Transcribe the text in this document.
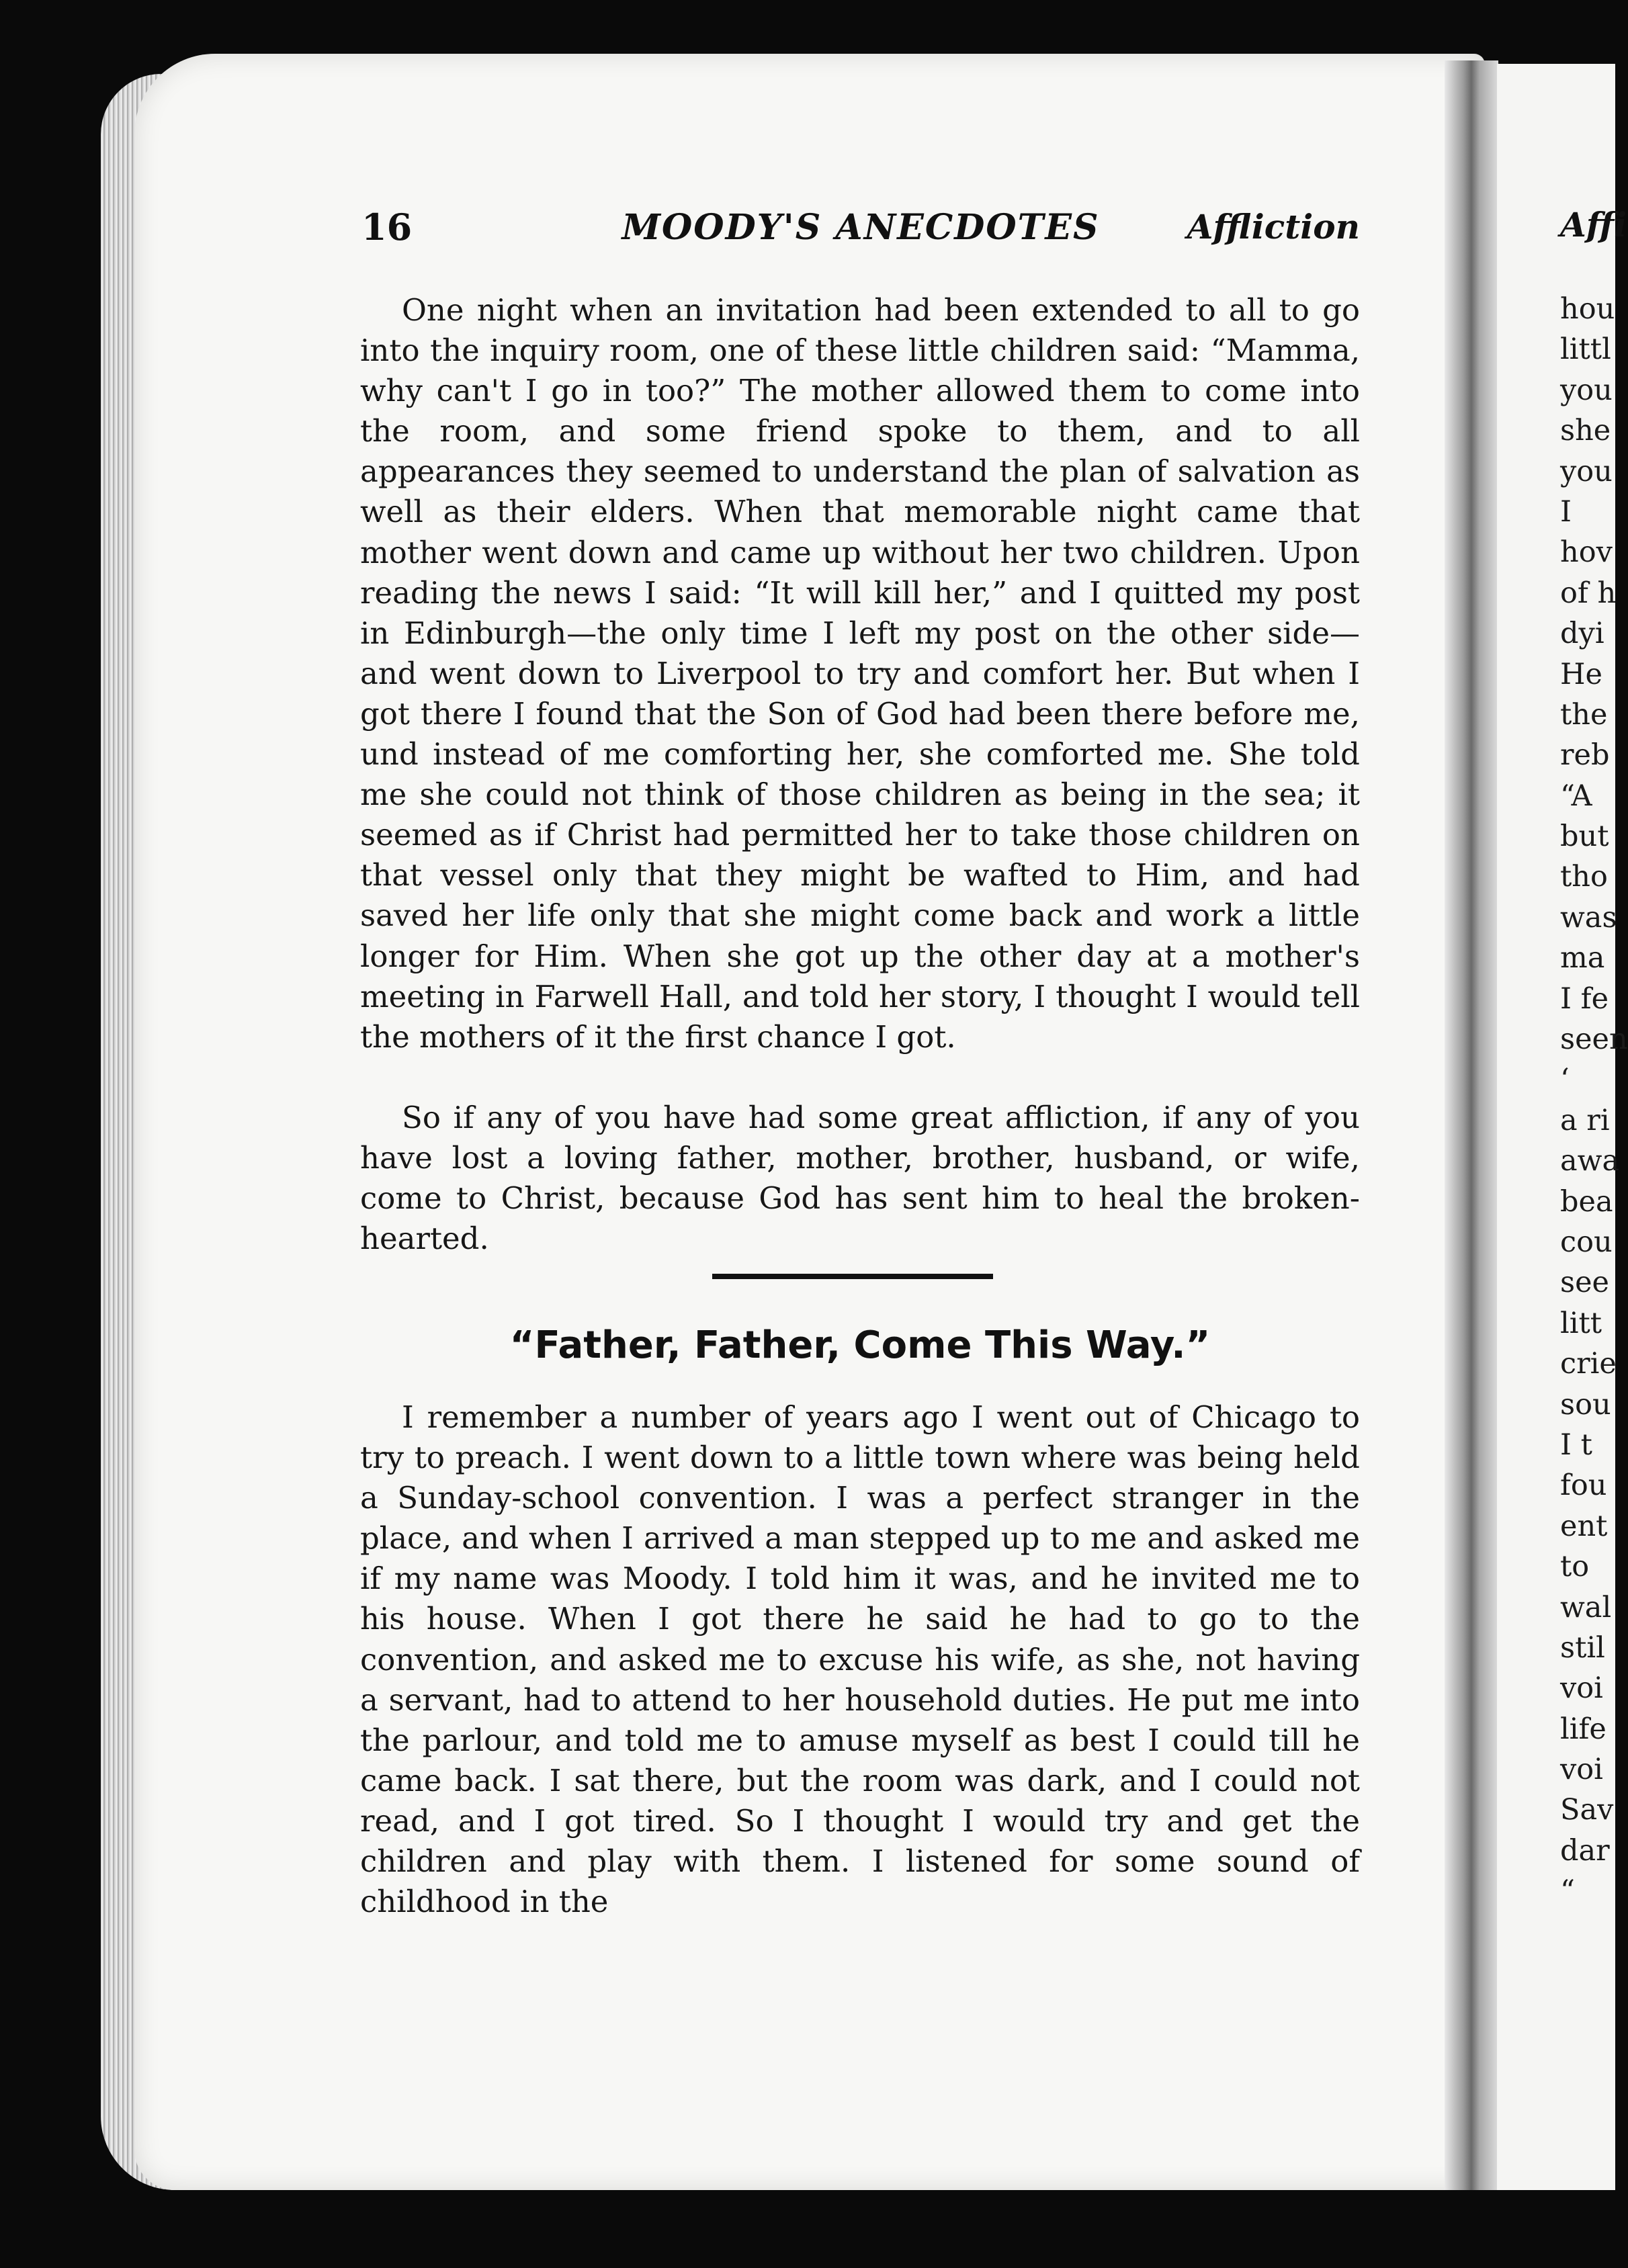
Affi
hou
littl
you
she
you
I
hov
of h
dyi
He
the
reb
“A
but
tho
was
ma
I fe
seen
‘
a ri
awa
bea
cou
see
litt
crie
sou
I t
fou
ent
to
wal
stil
voi
life
voi
Sav
dar
“
16	MOODY'S ANECDOTES	Affliction

One night when an invitation had been extended to all to go into the inquiry room, one of these little children said: “Mamma, why can't I go in too?” The mother allowed them to come into the room, and some friend spoke to them, and to all appearances they seemed to understand the plan of salvation as well as their elders. When that memorable night came that mother went down and came up without her two children. Upon reading the news I said: “It will kill her,” and I quitted my post in Edinburgh—the only time I left my post on the other side—and went down to Liverpool to try and comfort her. But when I got there I found that the Son of God had been there before me, und instead of me comforting her, she comforted me. She told me she could not think of those children as being in the sea; it seemed as if Christ had permitted her to take those children on that vessel only that they might be wafted to Him, and had saved her life only that she might come back and work a little longer for Him. When she got up the other day at a mother's meeting in Farwell Hall, and told her story, I thought I would tell the mothers of it the first chance I got.

So if any of you have had some great affliction, if any of you have lost a loving father, mother, brother, husband, or wife, come to Christ, because God has sent him to heal the broken-hearted.

“Father, Father, Come This Way.”

I remember a number of years ago I went out of Chicago to try to preach. I went down to a little town where was being held a Sunday-school convention. I was a perfect stranger in the place, and when I arrived a man stepped up to me and asked me if my name was Moody. I told him it was, and he invited me to his house. When I got there he said he had to go to the convention, and asked me to excuse his wife, as she, not having a servant, had to attend to her household duties. He put me into the parlour, and told me to amuse myself as best I could till he came back. I sat there, but the room was dark, and I could not read, and I got tired. So I thought I would try and get the children and play with them. I listened for some sound of childhood in the
